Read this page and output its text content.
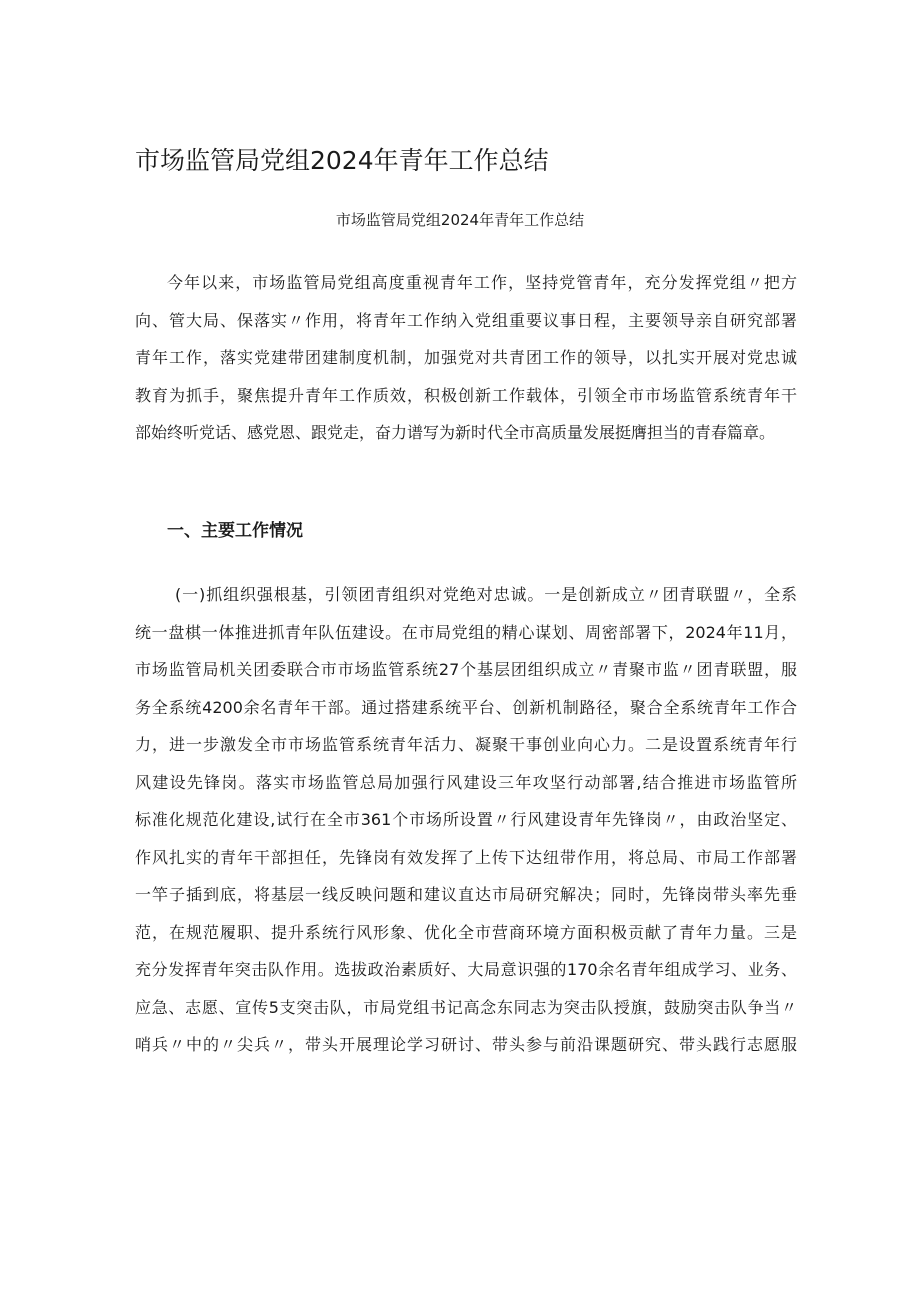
市场监管局党组2024年青年工作总结

市场监管局党组2024年青年工作总结

今年以来，市场监管局党组高度重视青年工作，坚持党管青年，充分发挥党组〃把方
向、管大局、保落实〃作用，将青年工作纳入党组重要议事日程，主要领导亲自研究部署
青年工作，落实党建带团建制度机制，加强党对共青团工作的领导，以扎实开展对党忠诚
教育为抓手，聚焦提升青年工作质效，积极创新工作载体，引领全市市场监管系统青年干
部始终听党话、感党恩、跟党走，奋力谱写为新时代全市高质量发展挺膺担当的青春篇章。
一、主要工作情况
(一)抓组织强根基，引领团青组织对党绝对忠诚。一是创新成立〃团青联盟〃，全系
统一盘棋一体推进抓青年队伍建设。在市局党组的精心谋划、周密部署下，2024年11月，
市场监管局机关团委联合市市场监管系统27个基层团组织成立〃青聚市监〃团青联盟，服
务全系统4200余名青年干部。通过搭建系统平台、创新机制路径，聚合全系统青年工作合
力，进一步激发全市市场监管系统青年活力、凝聚干事创业向心力。二是设置系统青年行
风建设先锋岗。落实市场监管总局加强行风建设三年攻坚行动部署,结合推进市场监管所
标准化规范化建设,试行在全市361个市场所设置〃行风建设青年先锋岗〃，由政治坚定、
作风扎实的青年干部担任，先锋岗有效发挥了上传下达纽带作用，将总局、市局工作部署
一竿子插到底，将基层一线反映问题和建议直达市局研究解决；同时，先锋岗带头率先垂
范，在规范履职、提升系统行风形象、优化全市营商环境方面积极贡献了青年力量。三是
充分发挥青年突击队作用。选拔政治素质好、大局意识强的170余名青年组成学习、业务、
应急、志愿、宣传5支突击队，市局党组书记高念东同志为突击队授旗，鼓励突击队争当〃
哨兵〃中的〃尖兵〃，带头开展理论学习研讨、带头参与前沿课题研究、带头践行志愿服
